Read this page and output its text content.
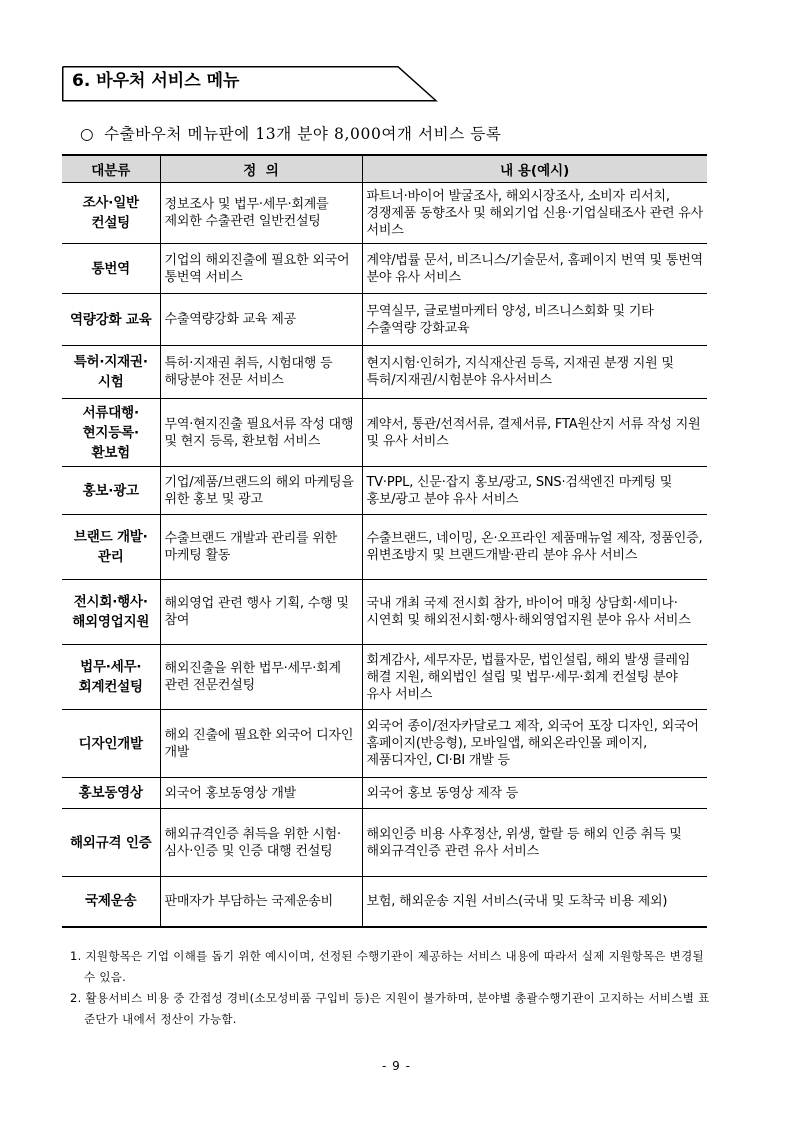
6. 바우처 서비스 메뉴
○ 수출바우처 메뉴판에 13개 분야 8,000여개 서비스 등록
대분류	정  의	내 용(예시)
조사·일반 컨설팅	정보조사 및 법무·세무·회계를 제외한 수출관련 일반컨설팅	파트너·바이어 발굴조사, 해외시장조사, 소비자 리서치, 경쟁제품 동향조사 및 해외기업 신용·기업실태조사 관련 유사 서비스
통번역	기업의 해외진출에 필요한 외국어 통번역 서비스	계약/법률 문서, 비즈니스/기술문서, 홈페이지 번역 및 통번역 분야 유사 서비스
역량강화 교육	수출역량강화 교육 제공	무역실무, 글로벌마케터 양성, 비즈니스회화 및 기타 수출역량 강화교육
특허·지재권· 시험	특허·지재권 취득, 시험대행 등 해당분야 전문 서비스	현지시험·인허가, 지식재산권 등록, 지재권 분쟁 지원 및 특허/지재권/시험분야 유사서비스
서류대행· 현지등록· 환보험	무역·현지진출 필요서류 작성 대행 및 현지 등록, 환보험 서비스	계약서, 통관/선적서류, 결제서류, FTA원산지 서류 작성 지원 및 유사 서비스
홍보·광고	기업/제품/브랜드의 해외 마케팅을 위한 홍보 및 광고	TV·PPL, 신문·잡지 홍보/광고, SNS·검색엔진 마케팅 및 홍보/광고 분야 유사 서비스
브랜드 개발·관리	수출브랜드 개발과 관리를 위한 마케팅 활동	수출브랜드, 네이밍, 온·오프라인 제품매뉴얼 제작, 정품인증, 위변조방지 및 브랜드개발·관리 분야 유사 서비스
전시회·행사· 해외영업지원	해외영업 관련 행사 기획, 수행 및 참여	국내 개최 국제 전시회 참가, 바이어 매칭 상담회·세미나·시연회 및 해외전시회·행사·해외영업지원 분야 유사 서비스
법무·세무· 회계컨설팅	해외진출을 위한 법무·세무·회계 관련 전문컨설팅	회계감사, 세무자문, 법률자문, 법인설립, 해외 발생 클레임 해결 지원, 해외법인 설립 및 법무·세무·회계 컨설팅 분야 유사 서비스
디자인개발	해외 진출에 필요한 외국어 디자인 개발	외국어 종이/전자카달로그 제작, 외국어 포장 디자인, 외국어 홈페이지(반응형), 모바일앱, 해외온라인몰 페이지, 제품디자인, CI·BI 개발 등
홍보동영상	외국어 홍보동영상 개발	외국어 홍보 동영상 제작 등
해외규격 인증	해외규격인증 취득을 위한 시험·심사·인증 및 인증 대행 컨설팅	해외인증 비용 사후정산, 위생, 할랄 등 해외 인증 취득 및 해외규격인증 관련 유사 서비스
국제운송	판매자가 부담하는 국제운송비	보험, 해외운송 지원 서비스(국내 및 도착국 비용 제외)
1. 지원항목은 기업 이해를 돕기 위한 예시이며, 선정된 수행기관이 제공하는 서비스 내용에 따라서 실제 지원항목은 변경될 수 있음.
2. 활용서비스 비용 중 간접성 경비(소모성비품 구입비 등)은 지원이 불가하며, 분야별 총괄수행기관이 고지하는 서비스별 표준단가 내에서 정산이 가능함.
- 9 -
